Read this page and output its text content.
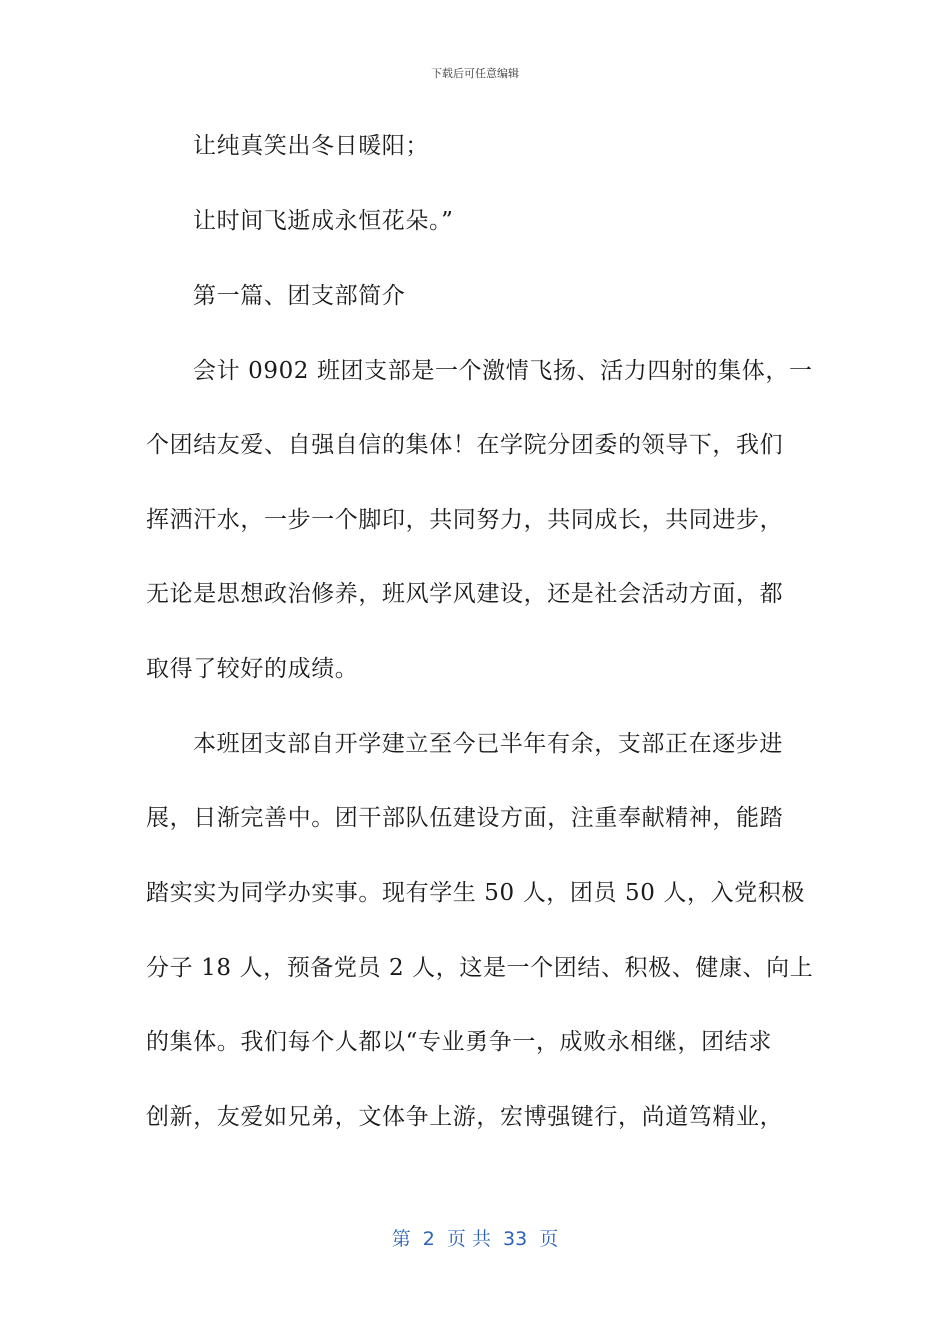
下载后可任意编辑
让纯真笑出冬日暖阳；
让时间飞逝成永恒花朵。”
第一篇、团支部简介
会计 0902 班团支部是一个激情飞扬、活力四射的集体，一
个团结友爱、自强自信的集体！在学院分团委的领导下，我们
挥洒汗水，一步一个脚印，共同努力，共同成长，共同进步，
无论是思想政治修养，班风学风建设，还是社会活动方面，都
取得了较好的成绩。
本班团支部自开学建立至今已半年有余，支部正在逐步进
展，日渐完善中。团干部队伍建设方面，注重奉献精神，能踏
踏实实为同学办实事。现有学生 50 人，团员 50 人，入党积极
分子 18 人，预备党员 2 人，这是一个团结、积极、健康、向上
的集体。我们每个人都以“专业勇争一，成败永相继，团结求
创新，友爱如兄弟，文体争上游，宏博强键行，尚道笃精业，
第  2  页 共  33  页
